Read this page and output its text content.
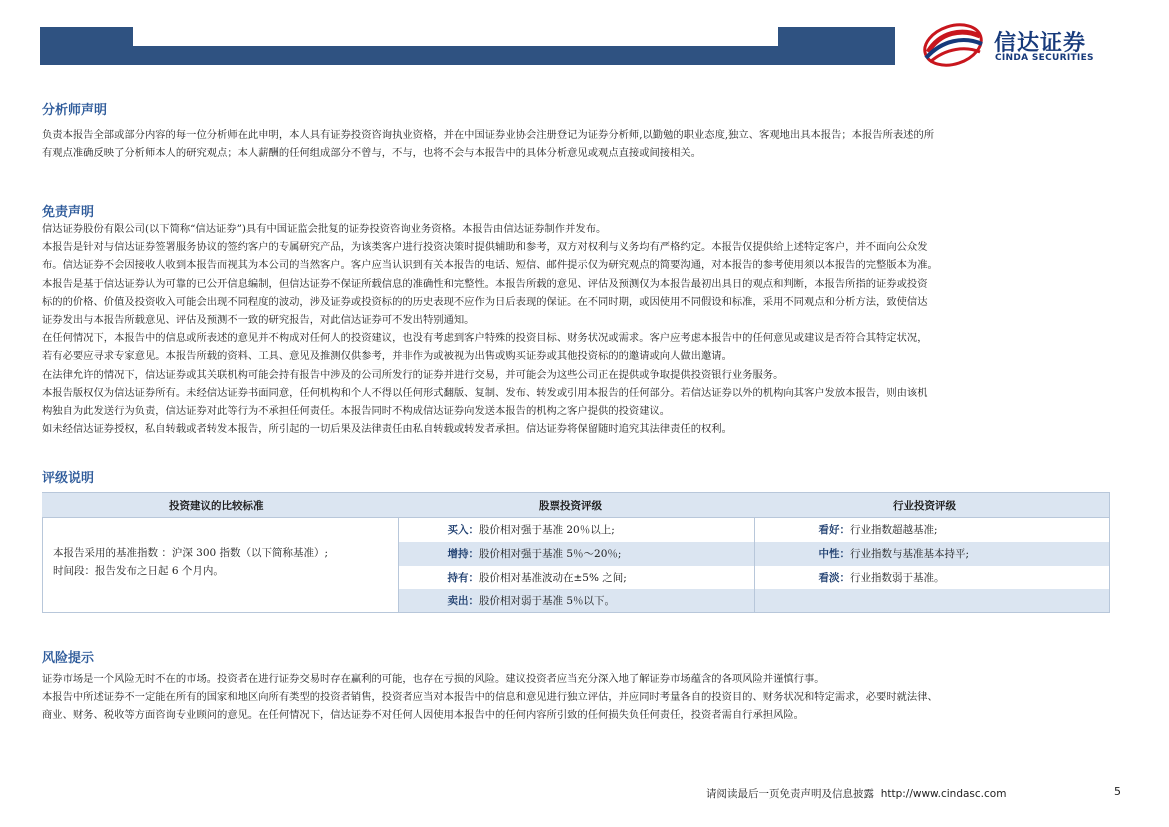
信达证券
CINDA SECURITIES
分析师声明

负责本报告全部或部分内容的每一位分析师在此申明，本人具有证券投资咨询执业资格，并在中国证券业协会注册登记为证券分析师,以勤勉的职业态度,独立、客观地出具本报告；本报告所表述的所

有观点准确反映了分析师本人的研究观点；本人薪酬的任何组成部分不曾与，不与，也将不会与本报告中的具体分析意见或观点直接或间接相关。

免责声明

信达证券股份有限公司(以下简称“信达证券”)具有中国证监会批复的证券投资咨询业务资格。本报告由信达证券制作并发布。

本报告是针对与信达证券签署服务协议的签约客户的专属研究产品，为该类客户进行投资决策时提供辅助和参考，双方对权利与义务均有严格约定。本报告仅提供给上述特定客户，并不面向公众发

布。信达证券不会因接收人收到本报告而视其为本公司的当然客户。客户应当认识到有关本报告的电话、短信、邮件提示仅为研究观点的简要沟通，对本报告的参考使用须以本报告的完整版本为准。

本报告是基于信达证券认为可靠的已公开信息编制，但信达证券不保证所载信息的准确性和完整性。本报告所载的意见、评估及预测仅为本报告最初出具日的观点和判断，本报告所指的证券或投资

标的的价格、价值及投资收入可能会出现不同程度的波动，涉及证券或投资标的的历史表现不应作为日后表现的保证。在不同时期，或因使用不同假设和标准，采用不同观点和分析方法，致使信达

证券发出与本报告所载意见、评估及预测不一致的研究报告，对此信达证券可不发出特别通知。

在任何情况下，本报告中的信息或所表述的意见并不构成对任何人的投资建议，也没有考虑到客户特殊的投资目标、财务状况或需求。客户应考虑本报告中的任何意见或建议是否符合其特定状况，

若有必要应寻求专家意见。本报告所载的资料、工具、意见及推测仅供参考，并非作为或被视为出售或购买证券或其他投资标的的邀请或向人做出邀请。

在法律允许的情况下，信达证券或其关联机构可能会持有报告中涉及的公司所发行的证券并进行交易，并可能会为这些公司正在提供或争取提供投资银行业务服务。

本报告版权仅为信达证券所有。未经信达证券书面同意，任何机构和个人不得以任何形式翻版、复制、发布、转发或引用本报告的任何部分。若信达证券以外的机构向其客户发放本报告，则由该机

构独自为此发送行为负责，信达证券对此等行为不承担任何责任。本报告同时不构成信达证券向发送本报告的机构之客户提供的投资建议。

如未经信达证券授权，私自转载或者转发本报告，所引起的一切后果及法律责任由私自转载或转发者承担。信达证券将保留随时追究其法律责任的权利。

评级说明
投资建议的比较标准	股票投资评级	行业投资评级

本报告采用的基准指数 ：沪深 300 指数（以下简称基准）;

时间段：报告发布之日起 6 个月内。

买入：股价相对强于基准 20％以上;	看好：行业指数超越基准;
增持：股价相对强于基准 5％～20％;	中性：行业指数与基准基本持平;
持有：股价相对基准波动在±5% 之间;	看淡：行业指数弱于基准。
卖出：股价相对弱于基准 5％以下。
风险提示

证券市场是一个风险无时不在的市场。投资者在进行证券交易时存在赢利的可能，也存在亏损的风险。建议投资者应当充分深入地了解证券市场蕴含的各项风险并谨慎行事。

本报告中所述证券不一定能在所有的国家和地区向所有类型的投资者销售，投资者应当对本报告中的信息和意见进行独立评估，并应同时考量各自的投资目的、财务状况和特定需求，必要时就法律、

商业、财务、税收等方面咨询专业顾问的意见。在任何情况下，信达证券不对任何人因使用本报告中的任何内容所引致的任何损失负任何责任，投资者需自行承担风险。

请阅读最后一页免责声明及信息披露 http://www.cindasc.com	5
